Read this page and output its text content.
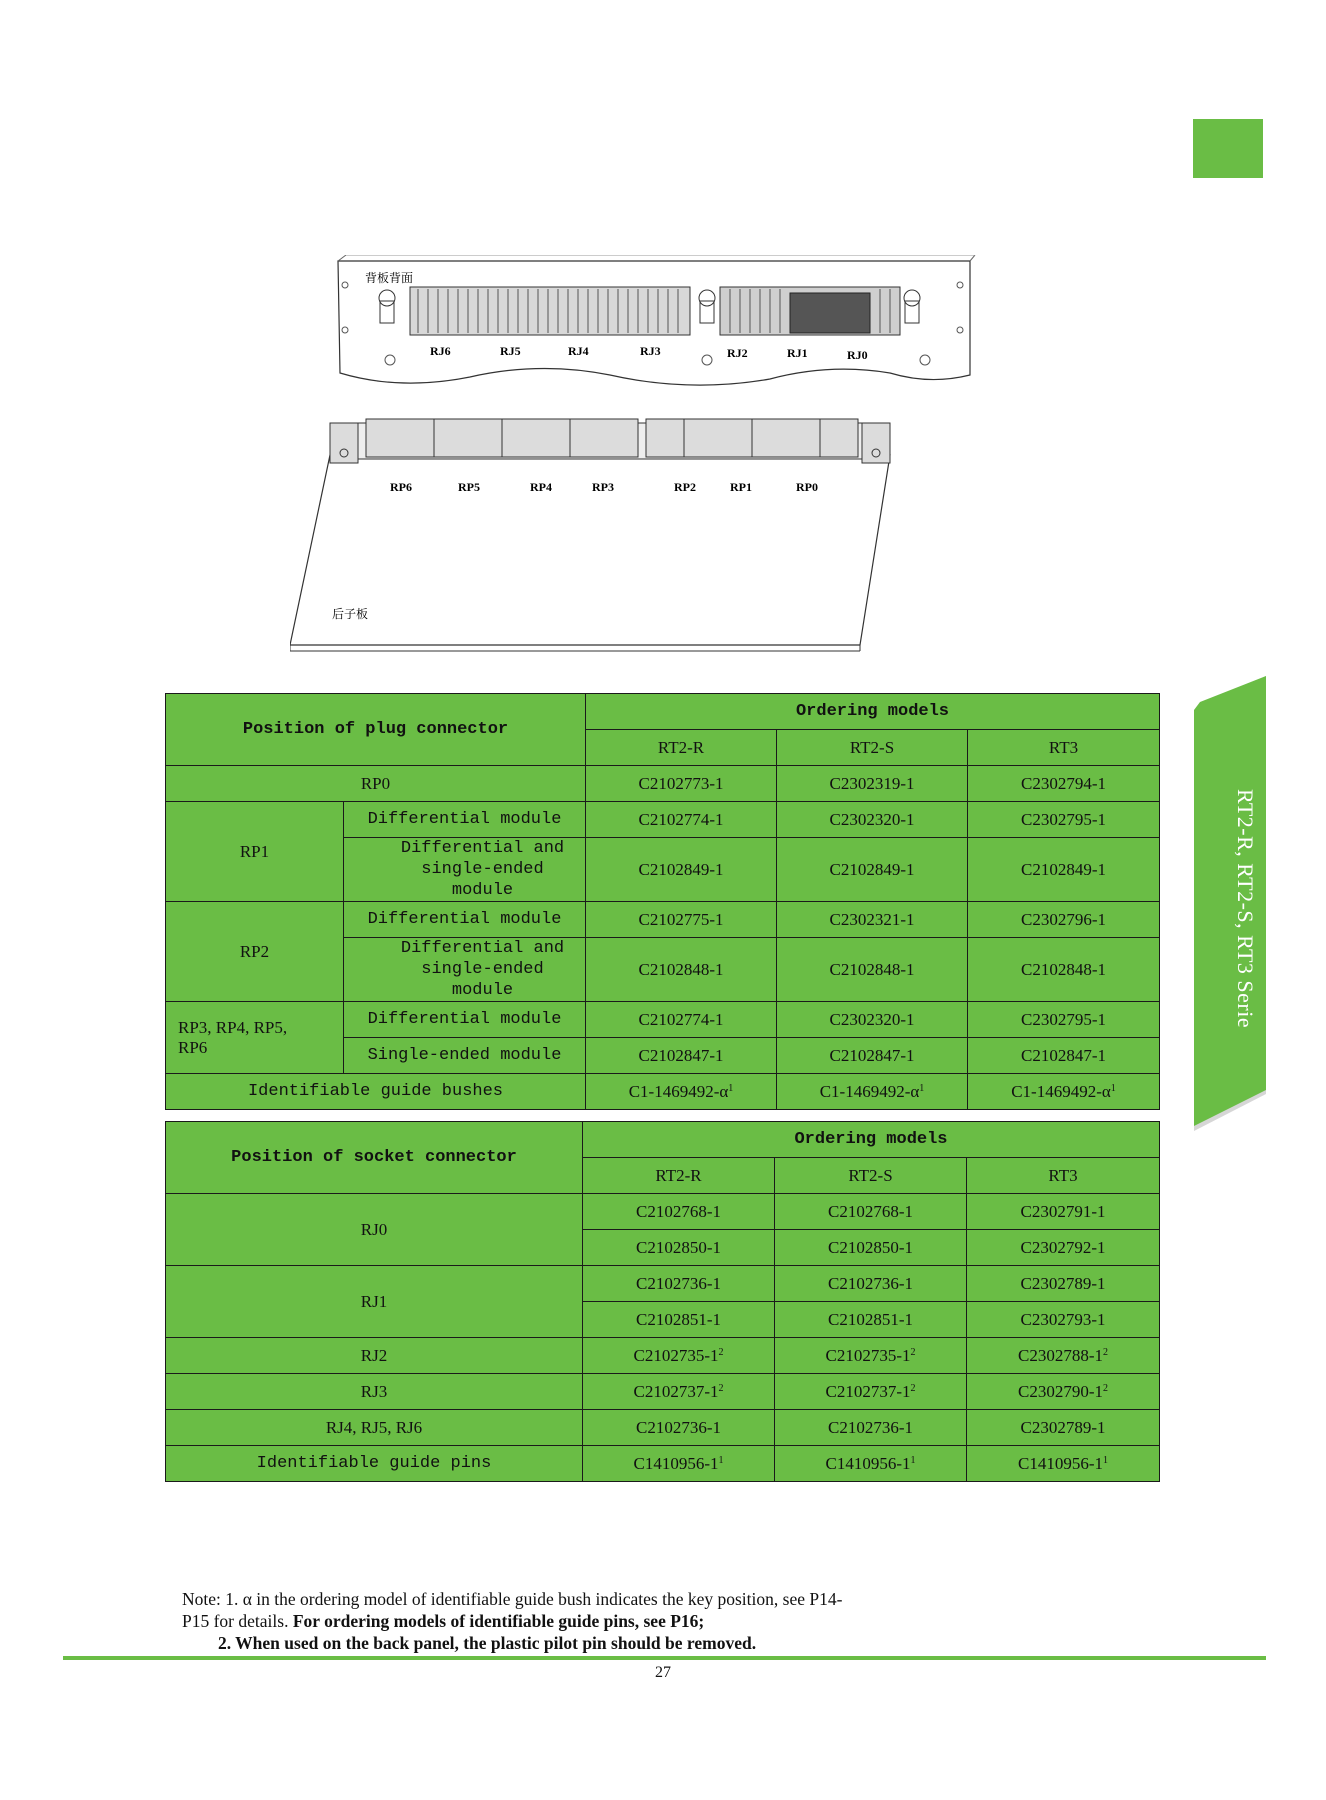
RT2-R, RT2-S, RT3 Serie
背板背面
RJ6	RJ5	RJ4	RJ3	RJ2	RJ1	RJ0
RP6	RP5	RP4	RP3	RP2	RP1	RP0
后子板
Position of plug connector		Ordering models		
		RT2-R	RT2-S	RT3
RP0		C2102773-1	C2302319-1	C2302794-1
RP1	Differential module	C2102774-1	C2302320-1	C2302795-1
	Differential and single-ended module	C2102849-1	C2102849-1	C2102849-1
RP2	Differential module	C2102775-1	C2302321-1	C2302796-1
	Differential and single-ended module	C2102848-1	C2102848-1	C2102848-1
RP3, RP4, RP5, RP6	Differential module	C2102774-1	C2302320-1	C2302795-1
	Single-ended module	C2102847-1	C2102847-1	C2102847-1
Identifiable guide bushes		$C1-1469492-\alpha^1$	$C1-1469492-\alpha^1$	$C1-1469492-\alpha^1$
Position of socket connector	Ordering models		
	RT2-R	RT2-S	RT3
RJ0	C2102768-1	C2102768-1	C2302791-1
	C2102850-1	C2102850-1	C2302792-1
RJ1	C2102736-1	C2102736-1	C2302789-1
	C2102851-1	C2102851-1	C2302793-1
RJ2	$C2102735-1^2$	$C2102735-1^2$	$C2302788-1^2$
RJ3	$C2102737-1^2$	$C2102737-1^2$	$C2302790-1^2$
RJ4, RJ5, RJ6	C2102736-1	C2102736-1	C2302789-1
Identifiable guide pins	$C1410956-1^1$	$C1410956-1^1$	$C1410956-1^1$

Note: 1. α in the ordering model of identifiable guide bush indicates the key position, see P14-

P15 for details. For ordering models of identifiable guide pins, see P16;

2. When used on the back panel, the plastic pilot pin should be removed.

27
